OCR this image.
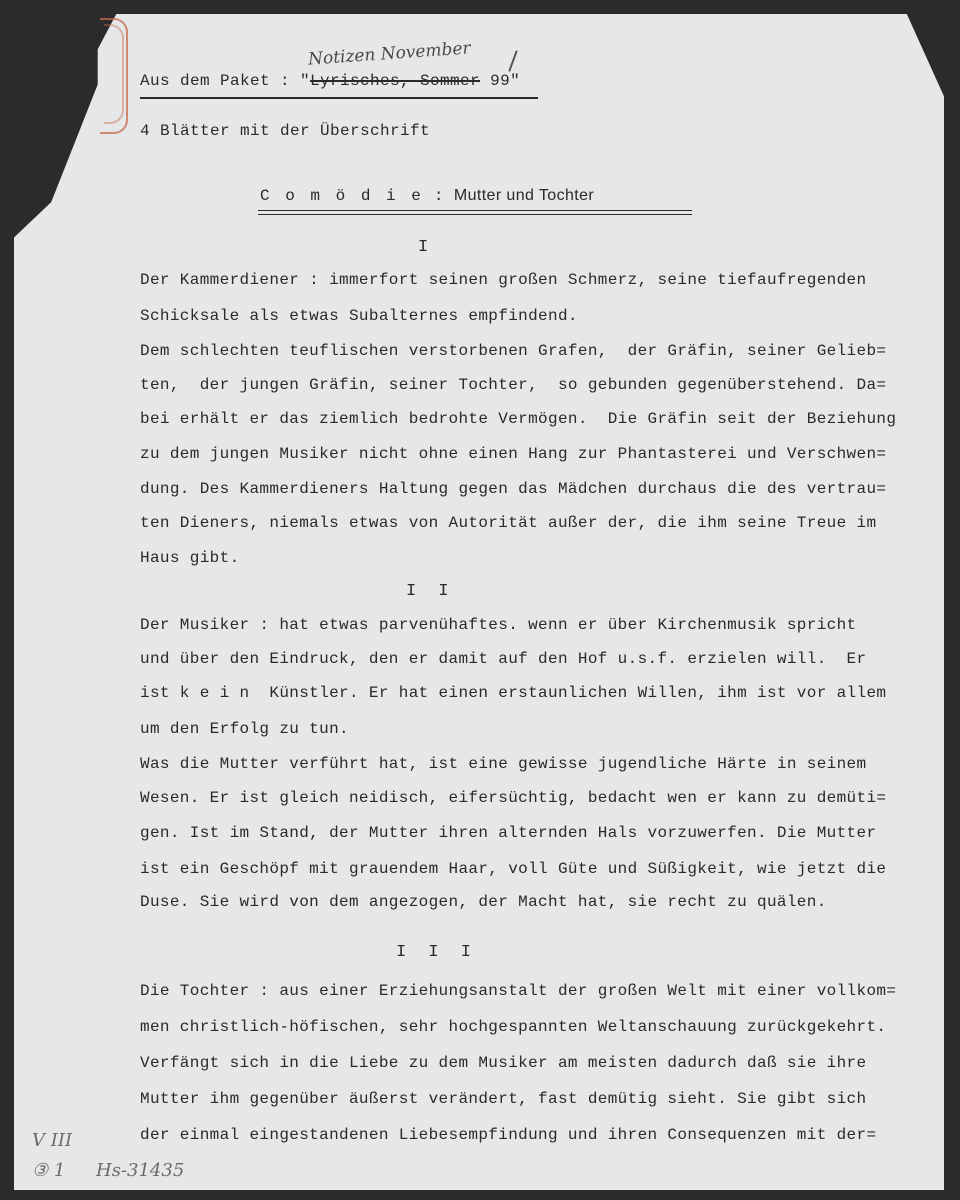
Aus dem Paket : "Lyrisches, Sommer 99"
Notizen November
4 Blätter mit der Überschrift
C o m ö d i e : Mutter und Tochter
I
Der Kammerdiener : immerfort seinen großen Schmerz, seine tiefaufregenden
Schicksale als etwas Subalternes empfindend.
Dem schlechten teuflischen verstorbenen Grafen,  der Gräfin, seiner Gelieb=
ten,  der jungen Gräfin, seiner Tochter,  so gebunden gegenüberstehend. Da=
bei erhält er das ziemlich bedrohte Vermögen.  Die Gräfin seit der Beziehung
zu dem jungen Musiker nicht ohne einen Hang zur Phantasterei und Verschwen=
dung. Des Kammerdieners Haltung gegen das Mädchen durchaus die des vertrau=
ten Dieners, niemals etwas von Autorität außer der, die ihm seine Treue im
Haus gibt.
I I
Der Musiker : hat etwas parvenühaftes. wenn er über Kirchenmusik spricht
und über den Eindruck, den er damit auf den Hof u.s.f. erzielen will.  Er
ist k e i n  Künstler. Er hat einen erstaunlichen Willen, ihm ist vor allem
um den Erfolg zu tun.
Was die Mutter verführt hat, ist eine gewisse jugendliche Härte in seinem
Wesen. Er ist gleich neidisch, eifersüchtig, bedacht wen er kann zu demüti=
gen. Ist im Stand, der Mutter ihren alternden Hals vorzuwerfen. Die Mutter
ist ein Geschöpf mit grauendem Haar, voll Güte und Süßigkeit, wie jetzt die
Duse. Sie wird von dem angezogen, der Macht hat, sie recht zu quälen.
I I I
Die Tochter : aus einer Erziehungsanstalt der großen Welt mit einer vollkom=
men christlich-höfischen, sehr hochgespannten Weltanschauung zurückgekehrt.
Verfängt sich in die Liebe zu dem Musiker am meisten dadurch daß sie ihre
Mutter ihm gegenüber äußerst verändert, fast demütig sieht. Sie gibt sich
der einmal eingestandenen Liebesempfindung und ihren Consequenzen mit der=
V III
③ 1 Hs-31435
